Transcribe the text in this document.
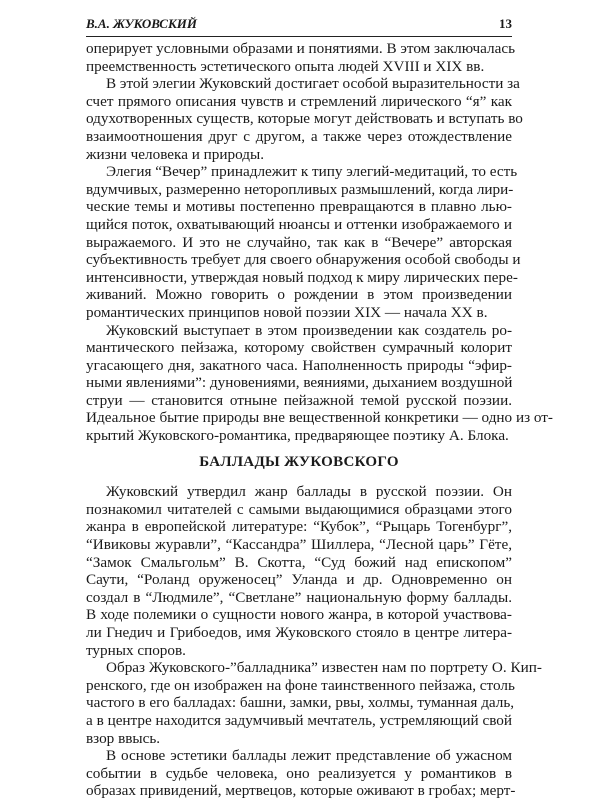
В.А. ЖУКОВСКИЙ	13

оперирует условными образами и понятиями. В этом заключалась
преемственность эстетического опыта людей XVIII и XIX вв.

В этой элегии Жуковский достигает особой выразительности за
счет прямого описания чувств и стремлений лирического “я” как
одухотворенных существ, которые могут действовать и вступать во
взаимоотношения друг с другом, а также через отождествление
жизни человека и природы.

Элегия “Вечер” принадлежит к типу элегий-медитаций, то есть
вдумчивых, размеренно неторопливых размышлений, когда лири-
ческие темы и мотивы постепенно превращаются в плавно лью-
щийся поток, охватывающий нюансы и оттенки изображаемого и
выражаемого. И это не случайно, так как в “Вечере” авторская
субъективность требует для своего обнаружения особой свободы и
интенсивности, утверждая новый подход к миру лирических пере-
живаний. Можно говорить о рождении в этом произведении
романтических принципов новой поэзии XIX — начала XX в.

Жуковский выступает в этом произведении как создатель ро-
мантического пейзажа, которому свойствен сумрачный колорит
угасающего дня, закатного часа. Наполненность природы “эфир-
ными явлениями”: дуновениями, веяниями, дыханием воздушной
струи — становится отныне пейзажной темой русской поэзии.
Идеальное бытие природы вне вещественной конкретики — одно из от-
крытий Жуковского-романтика, предваряющее поэтику А. Блока.

БАЛЛАДЫ ЖУКОВСКОГО

Жуковский утвердил жанр баллады в русской поэзии. Он
познакомил читателей с самыми выдающимися образцами этого
жанра в европейской литературе: “Кубок”, “Рыцарь Тогенбург”,
“Ивиковы журавли”, “Кассандра” Шиллера, “Лесной царь” Гёте,
“Замок Смальгольм” В. Скотта, “Суд божий над епископом”
Саути, “Роланд оруженосец” Уланда и др. Одновременно он
создал в “Людмиле”, “Светлане” национальную форму баллады.
В ходе полемики о сущности нового жанра, в которой участвова-
ли Гнедич и Грибоедов, имя Жуковского стояло в центре литера-
турных споров.

Образ Жуковского-”балладника” известен нам по портрету О. Кип-
ренского, где он изображен на фоне таинственного пейзажа, столь
частого в его балладах: башни, замки, рвы, холмы, туманная даль,
а в центре находится задумчивый мечтатель, устремляющий свой
взор ввысь.

В основе эстетики баллады лежит представление об ужасном
событии в судьбе человека, оно реализуется у романтиков в
образах привидений, мертвецов, которые оживают в гробах; мерт-
